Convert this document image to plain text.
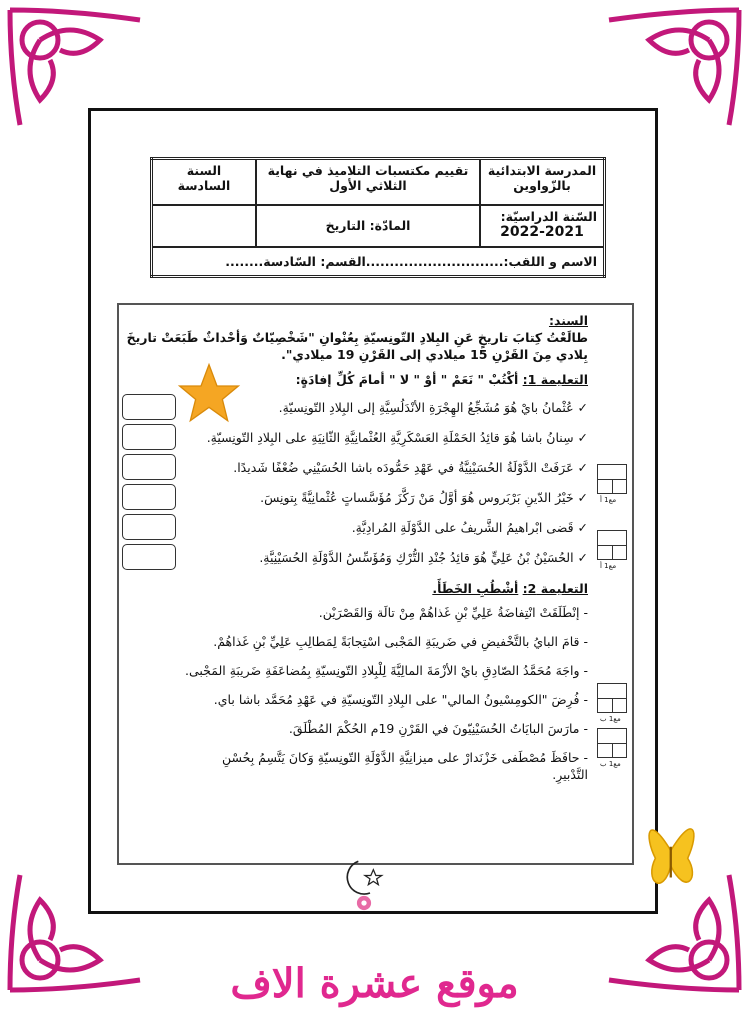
المدرسة الابتدائية بالزّواوين	تقييم مكتسبات التلاميذ في نهاية الثلاثي الأول	السنة السادسة

السّنة الدراسيّة:
2022-2021	المادّة: التاريخ	
الاسم و اللقب:.............................القسم: السّادسة........		
السند:
طالَعْتُ كِتابَ تاريخٍ عَنِ البِلادِ التّونِسيّةِ بِعُنْوانِ "شَخْصِيّاتٌ وَأحْداثٌ طَبَعَتْ تاريخَ
بِلادي مِنَ القَرْنِ 15 ميلادي إلى القَرْنِ 19 ميلادي".
التعليمة 1: أكْتُبْ " نَعَمْ " أوْ " لا " أمامَ كُلِّ إفادَةٍ:
✓ عُثْمانُ بايْ هُوَ مُشَجِّعُ الهِجْرَةِ الأنْدَلُسِيَّةِ إلى البِلادِ التّونِسيّةِ.
✓ سِنانُ باشا هُوَ قائِدُ الحَمْلَةِ العَسْكَرِيَّةِ العُثْمانِيَّةِ الثّانِيَةِ على البِلادِ التّونِسيّةِ.
✓ عَرَفَتْ الدَّوْلَةُ الحُسَيْنِيَّةُ في عَهْدِ حَمُّودَه باشا الحُسَيْنِي ضُعْفًا شَديدًا.
✓ خَيْرُ الدّينِ بَرْبَروس هُوَ أوَّلُ مَنْ رَكَّزَ مُؤَسَّساتٍ عُثْمانِيَّةً بِتونِسَ.
✓ قَضى ابْراهيمُ الشَّريفُ على الدَّوْلَةِ المُرادِيَّةِ.
✓ الحُسَيْنُ بْنُ عَلِيٍّ هُوَ قائِدُ جُنْدِ التُّرْكِ وَمُؤَسِّسُ الدَّوْلَةِ الحُسَيْنِيَّةِ.
التعليمة 2: أشْطُبِ الخَطَأَ.
- إنْطَلَقَتْ انْتِفاضَةُ عَلِيِّ بْنِ غَذاهُمْ مِنْ تالَة وَالقَصْرَيْن.
- قامَ البايُ بالتَّخْفيضِ في ضَريبَةِ المَجْبى اسْتِجابَةً لِمَطالِبِ عَلِيِّ بْنِ غَذاهُمْ.
- واجَهَ مُحَمَّدُ الصّادِقِ بايْ الأزْمَةَ المالِيَّةَ لِلْبِلادِ التّونِسيّةِ بِمُضاعَفَةِ ضَريبَةِ المَجْبى.
- فُرِضَ "الكومِسْيونُ المالي" على البِلادِ التّونِسيّةِ في عَهْدِ مُحَمَّد باشا باي.
- مارَسَ البايَاتُ الحُسَيْنِيّونَ في القَرْنِ 19م الحُكْمَ المُطْلَقَ.
- حافَظَ مُصْطَفى خَزْنَدارْ على ميزانِيَّةِ الدَّوْلَةِ التّونِسيّةِ وَكانَ يَتَّسِمُ بِحُسْنِ التَّدْبيرِ.
مع1 أ
مع1 أ
مع1 ب
مع1 ب
موقع عشرة الاف
